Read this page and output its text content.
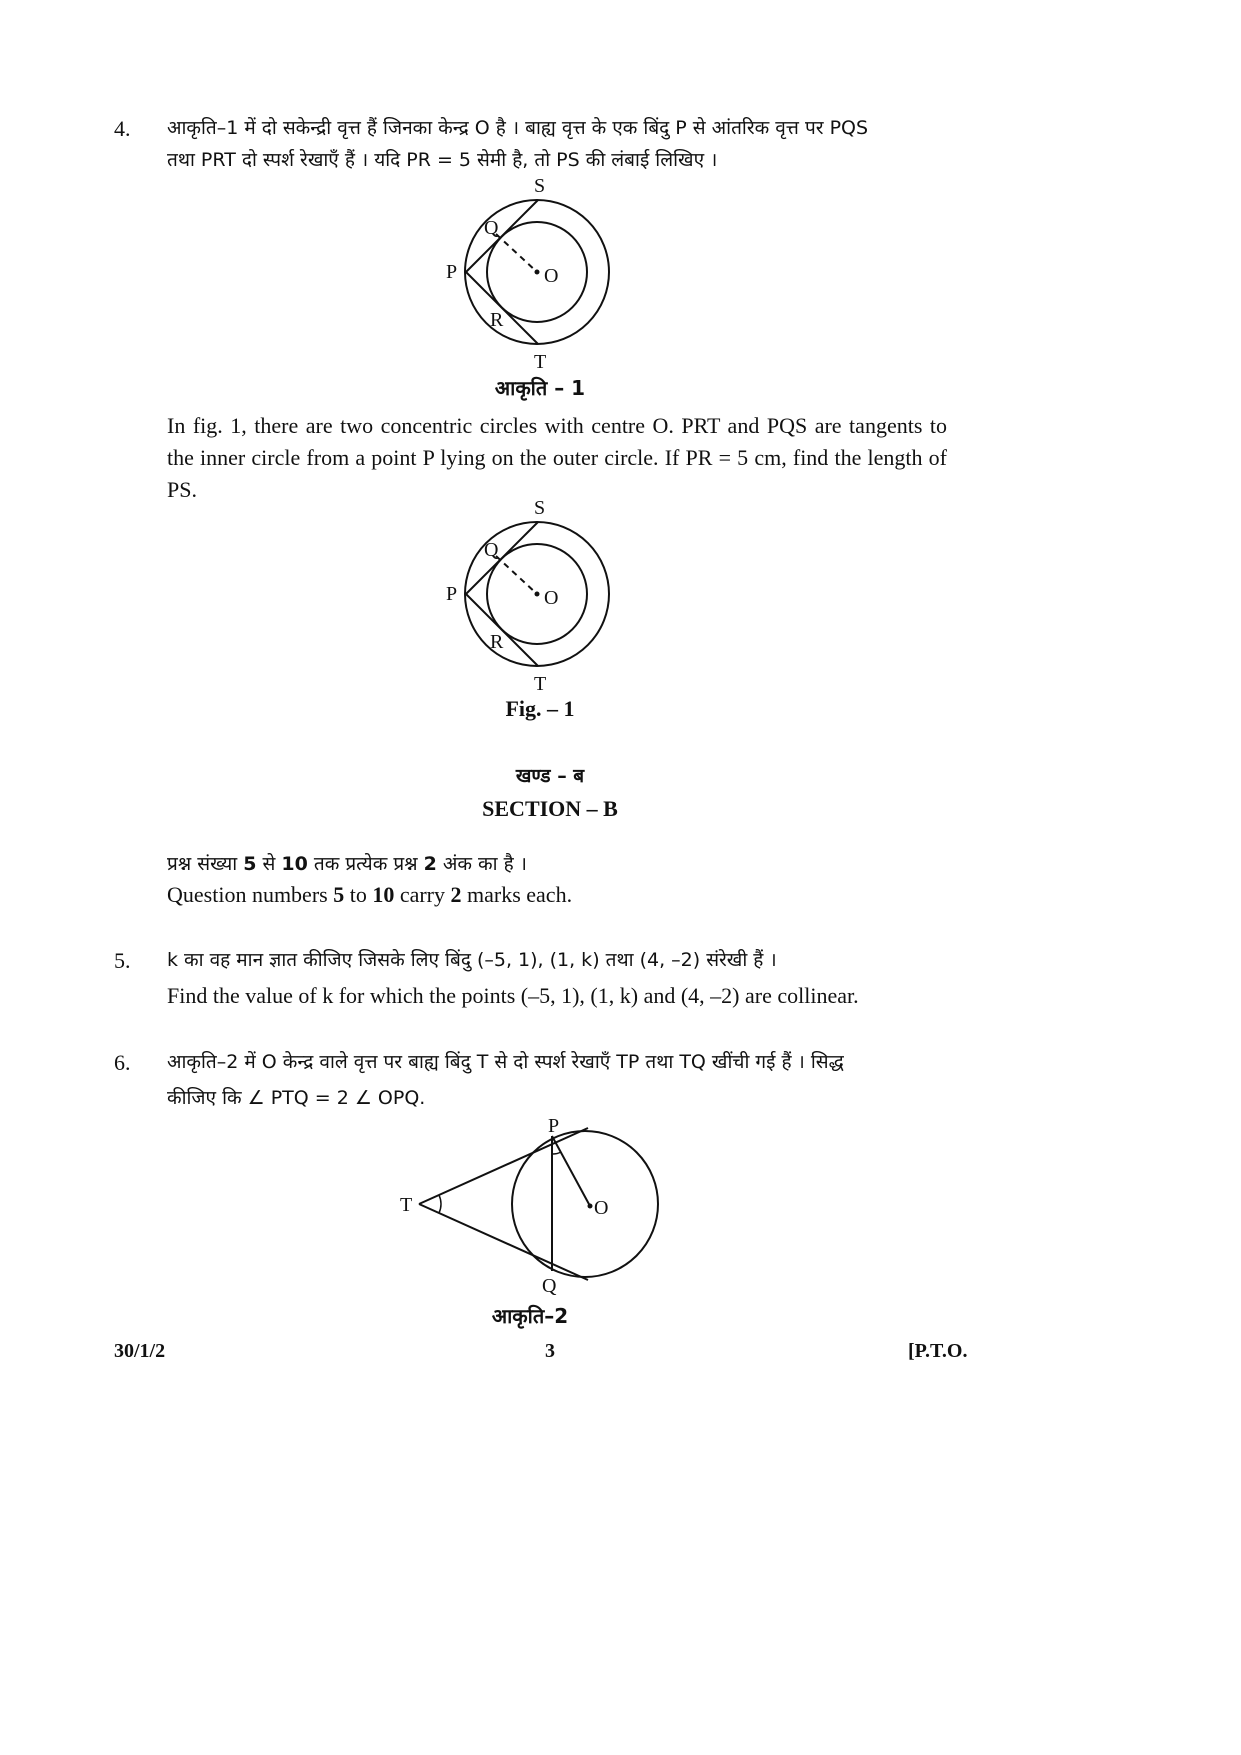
4. आकृति–1 में दो सकेन्द्री वृत्त हैं जिनका केन्द्र O है । बाह्य वृत्त के एक बिंदु P से आंतरिक वृत्त पर PQS
तथा PRT दो स्पर्श रेखाएँ हैं । यदि PR = 5 सेमी है, तो PS की लंबाई लिखिए ।
S
Q
P	O
R
T
आकृति – 1
In fig. 1, there are two concentric circles with centre O. PRT and PQS are tangents to the inner circle from a point P lying on the outer circle. If PR = 5 cm, find the length of PS.
S
Q
P	O
R
T
Fig. – 1
खण्ड – ब
SECTION – B
प्रश्न संख्या 5 से 10 तक प्रत्येक प्रश्न 2 अंक का है ।
Question numbers 5 to 10 carry 2 marks each.
5. k का वह मान ज्ञात कीजिए जिसके लिए बिंदु (–5, 1), (1, k) तथा (4, –2) संरेखी हैं ।
Find the value of k for which the points (–5, 1), (1, k) and (4, –2) are collinear.
6. आकृति–2 में O केन्द्र वाले वृत्त पर बाह्य बिंदु T से दो स्पर्श रेखाएँ TP तथा TQ खींची गई हैं । सिद्ध
कीजिए कि ∠ PTQ = 2 ∠ OPQ.
P
T	O
Q
आकृति–2
30/1/2	3	[P.T.O.
